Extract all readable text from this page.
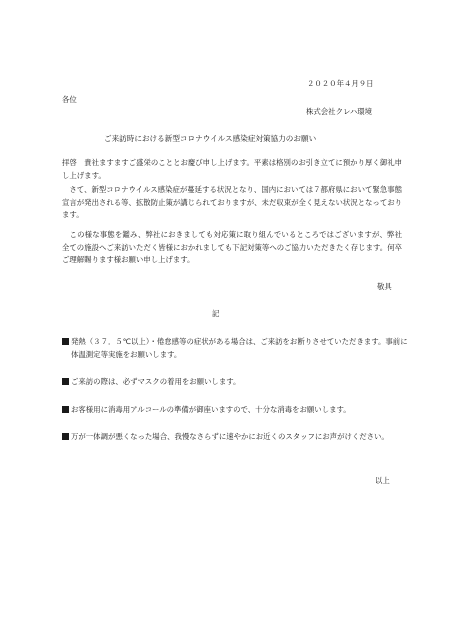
２０２０年４月９日
各位
株式会社クレハ環境
ご来訪時における新型コロナウイルス感染症対策協力のお願い
拝啓　貴社ますますご盛栄のこととお慶び申し上げます。平素は格別のお引き立てに預かり厚く御礼申し上げます。
　さて、新型コロナウイルス感染症が蔓延する状況となり、国内においては７都府県において緊急事態宣言が発出される等、拡散防止策が講じられておりますが、未だ収束が全く見えない状況となっております。
　この様な事態を鑑み、弊社におきましても対応策に取り組んでいるところではございますが、弊社全ての施設へご来訪いただく皆様におかれましても下記対策等へのご協力いただきたく存じます。何卒ご理解賜ります様お願い申し上げます。
敬具
記
発熱（３７．５℃以上）・倦怠感等の症状がある場合は、ご来訪をお断りさせていただきます。事前に体温測定等実施をお願いします。
ご来訪の際は、必ずマスクの着用をお願いします。
お客様用に消毒用アルコールの準備が御座いますので、十分な消毒をお願いします。
万が一体調が悪くなった場合、我慢なさらずに速やかにお近くのスタッフにお声がけください。
以上
